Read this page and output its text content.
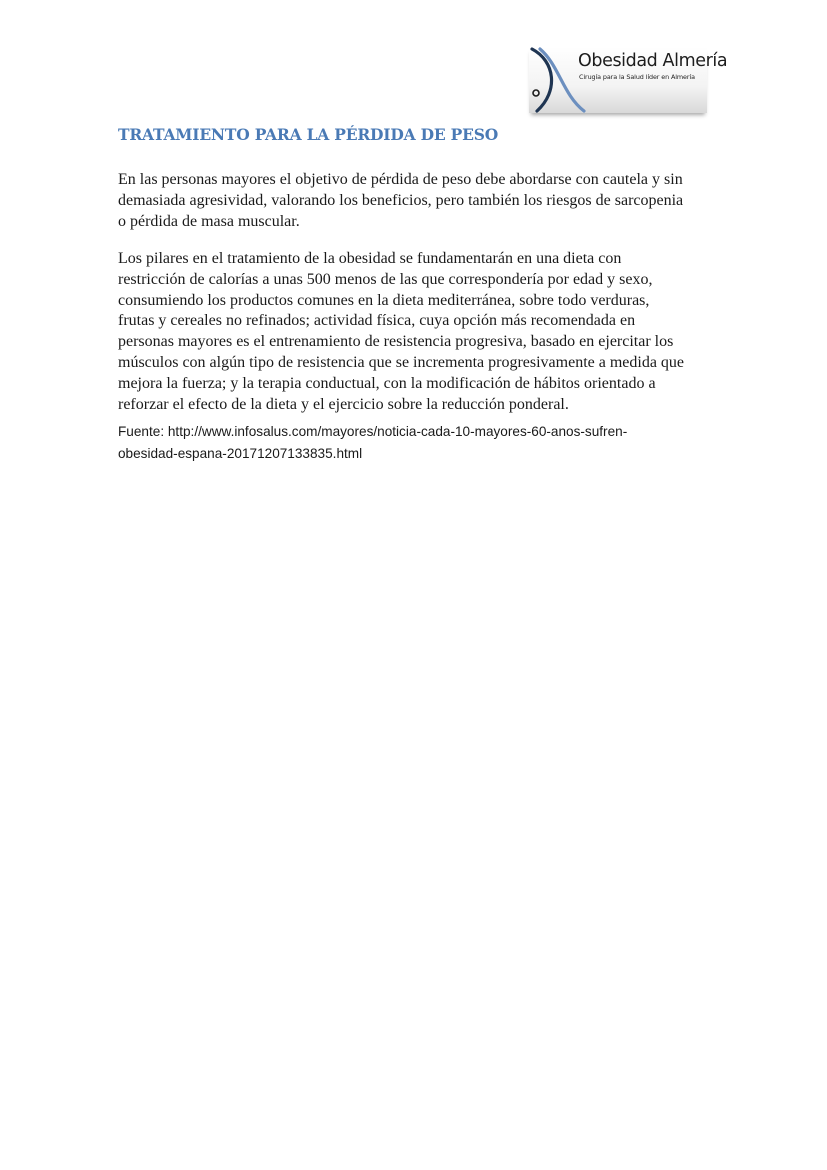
Obesidad Almería
Cirugía para la Salud líder en Almería
TRATAMIENTO PARA LA PÉRDIDA DE PESO

En las personas mayores el objetivo de pérdida de peso debe abordarse con cautela y sin
demasiada agresividad, valorando los beneficios, pero también los riesgos de sarcopenia
o pérdida de masa muscular.

Los pilares en el tratamiento de la obesidad se fundamentarán en una dieta con
restricción de calorías a unas 500 menos de las que correspondería por edad y sexo,
consumiendo los productos comunes en la dieta mediterránea, sobre todo verduras,
frutas y cereales no refinados; actividad física, cuya opción más recomendada en
personas mayores es el entrenamiento de resistencia progresiva, basado en ejercitar los
músculos con algún tipo de resistencia que se incrementa progresivamente a medida que
mejora la fuerza; y la terapia conductual, con la modificación de hábitos orientado a
reforzar el efecto de la dieta y el ejercicio sobre la reducción ponderal.

Fuente: http://www.infosalus.com/mayores/noticia-cada-10-mayores-60-anos-sufren-
obesidad-espana-20171207133835.html
